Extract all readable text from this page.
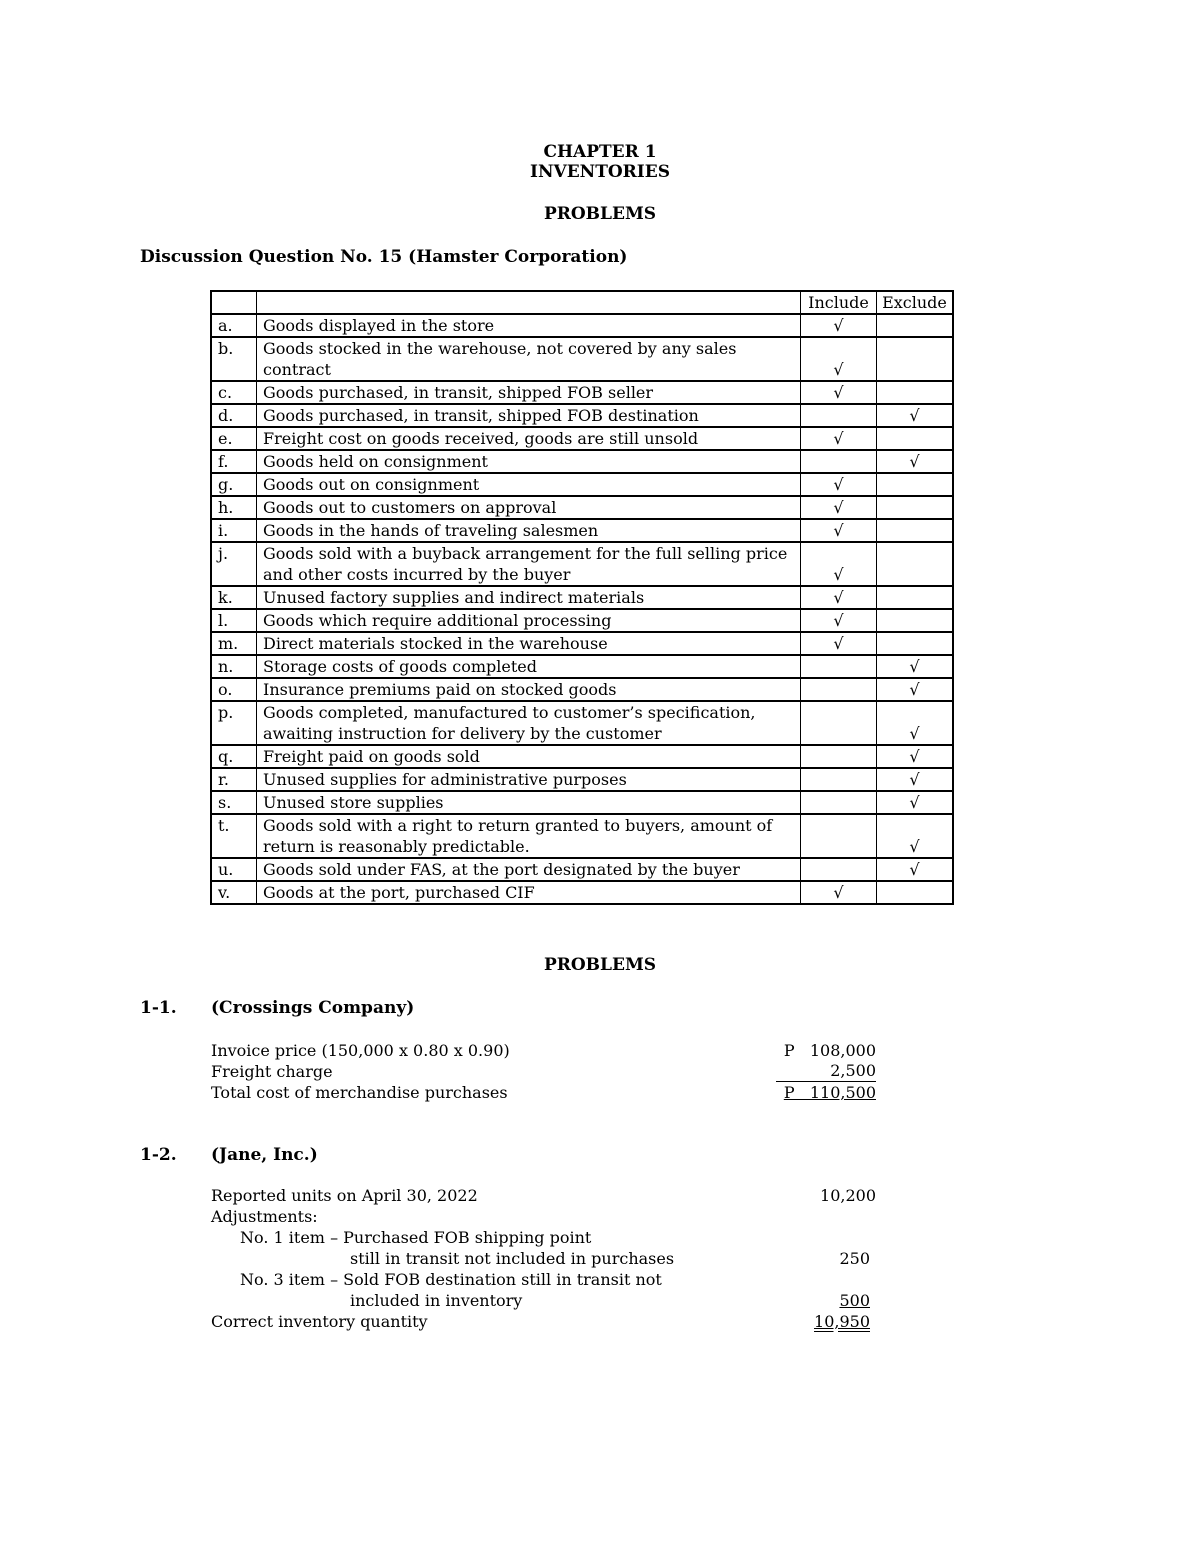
CHAPTER 1
INVENTORIES
PROBLEMS
Discussion Question No. 15 (Hamster Corporation)
		Include	Exclude
a.	Goods displayed in the store	√	
b.	Goods stocked in the warehouse, not covered by any sales contract	√	
c.	Goods purchased, in transit, shipped FOB seller	√	
d.	Goods purchased, in transit, shipped FOB destination		√
e.	Freight cost on goods received, goods are still unsold	√	
f.	Goods held on consignment		√
g.	Goods out on consignment	√	
h.	Goods out to customers on approval	√	
i.	Goods in the hands of traveling salesmen	√	
j.	Goods sold with a buyback arrangement for the full selling price and other costs incurred by the buyer	√	
k.	Unused factory supplies and indirect materials	√	
l.	Goods which require additional processing	√	
m.	Direct materials stocked in the warehouse	√	
n.	Storage costs of goods completed		√
o.	Insurance premiums paid on stocked goods		√
p.	Goods completed, manufactured to customer’s specification, awaiting instruction for delivery by the customer		√
q.	Freight paid on goods sold		√
r.	Unused supplies for administrative purposes		√
s.	Unused store supplies		√
t.	Goods sold with a right to return granted to buyers, amount of return is reasonably predictable.		√
u.	Goods sold under FAS, at the port designated by the buyer		√
v.	Goods at the port, purchased CIF	√	
PROBLEMS
1-1. (Crossings Company)
Invoice price (150,000 x 0.80 x 0.90)	P   108,000
Freight charge	2,500
Total cost of merchandise purchases	P   110,500
1-2. (Jane, Inc.)
Reported units on April 30, 2022	10,200
Adjustments:
No. 1 item – Purchased FOB shipping point
still in transit not included in purchases	250
No. 3 item – Sold FOB destination still in transit not
included in inventory	500
Correct inventory quantity	10,950
